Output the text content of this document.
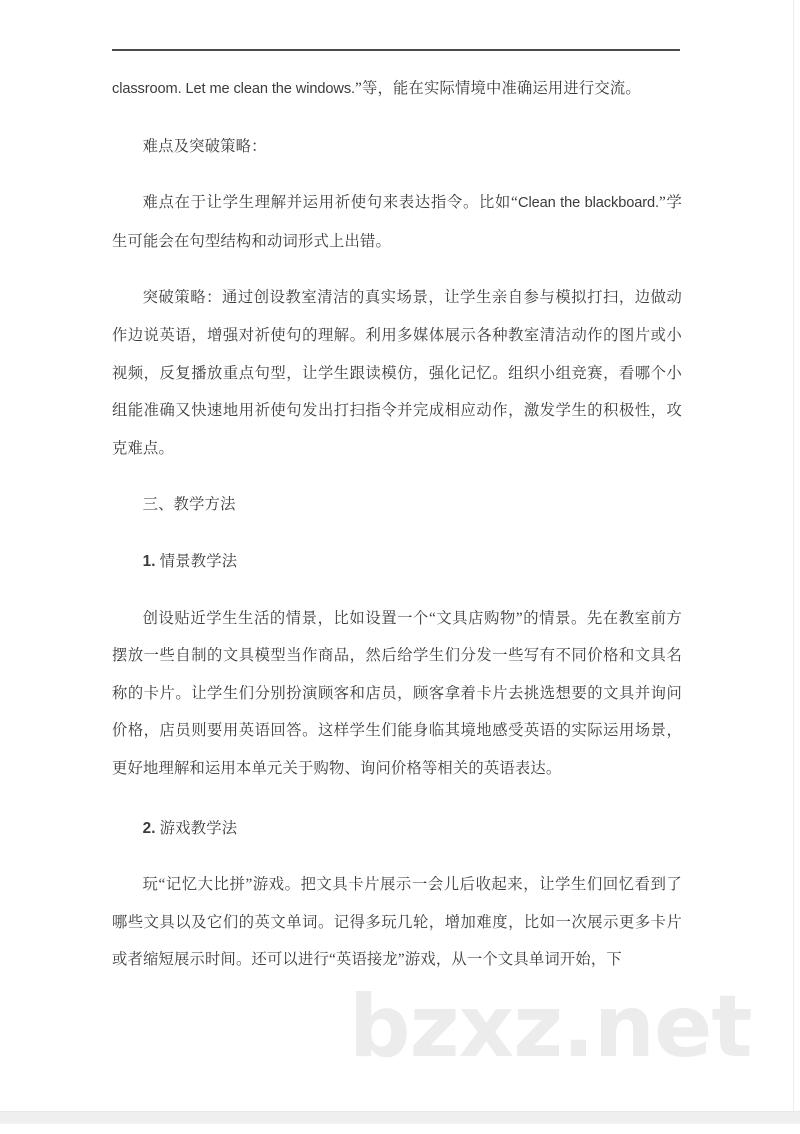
classroom. Let me clean the windows.”等，能在实际情境中准确运用进行交流。

难点及突破策略：

难点在于让学生理解并运用祈使句来表达指令。比如“Clean the blackboard.”学生可能会在句型结构和动词形式上出错。

突破策略：通过创设教室清洁的真实场景，让学生亲自参与模拟打扫，边做动作边说英语，增强对祈使句的理解。利用多媒体展示各种教室清洁动作的图片或小视频，反复播放重点句型，让学生跟读模仿，强化记忆。组织小组竞赛，看哪个小组能准确又快速地用祈使句发出打扫指令并完成相应动作，激发学生的积极性，攻克难点。

三、教学方法

1. 情景教学法

创设贴近学生生活的情景，比如设置一个“文具店购物”的情景。先在教室前方摆放一些自制的文具模型当作商品，然后给学生们分发一些写有不同价格和文具名称的卡片。让学生们分别扮演顾客和店员，顾客拿着卡片去挑选想要的文具并询问价格，店员则要用英语回答。这样学生们能身临其境地感受英语的实际运用场景，更好地理解和运用本单元关于购物、询问价格等相关的英语表达。

2. 游戏教学法

玩“记忆大比拼”游戏。把文具卡片展示一会儿后收起来，让学生们回忆看到了哪些文具以及它们的英文单词。记得多玩几轮，增加难度，比如一次展示更多卡片或者缩短展示时间。还可以进行“英语接龙”游戏，从一个文具单词开始，下

bzxz.net
